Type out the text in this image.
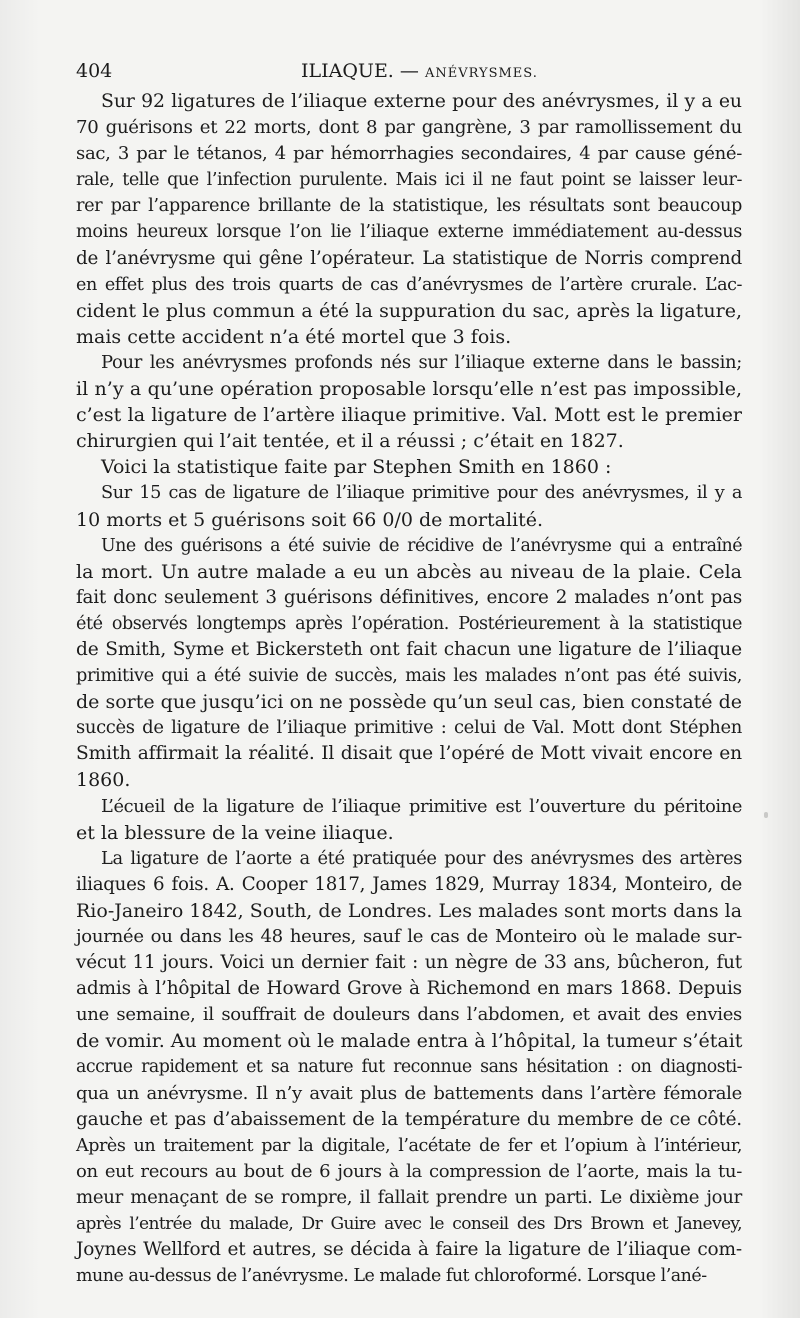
404	ILIAQUE. — ANÉVRYSMES.
Sur 92 ligatures de l’iliaque externe pour des anévrysmes, il y a eu
70 guérisons et 22 morts, dont 8 par gangrène, 3 par ramollissement du
sac, 3 par le tétanos, 4 par hémorrhagies secondaires, 4 par cause géné-
rale, telle que l’infection purulente. Mais ici il ne faut point se laisser leur-
rer par l’apparence brillante de la statistique, les résultats sont beaucoup
moins heureux lorsque l’on lie l’iliaque externe immédiatement au-dessus
de l’anévrysme qui gêne l’opérateur. La statistique de Norris comprend
en effet plus des trois quarts de cas d’anévrysmes de l’artère crurale. L’ac-
cident le plus commun a été la suppuration du sac, après la ligature,
mais cette accident n’a été mortel que 3 fois.
Pour les anévrysmes profonds nés sur l’iliaque externe dans le bassin;
il n’y a qu’une opération proposable lorsqu’elle n’est pas impossible,
c’est la ligature de l’artère iliaque primitive. Val. Mott est le premier
chirurgien qui l’ait tentée, et il a réussi ; c’était en 1827.
Voici la statistique faite par Stephen Smith en 1860 :
Sur 15 cas de ligature de l’iliaque primitive pour des anévrysmes, il y a
10 morts et 5 guérisons soit 66 0/0 de mortalité.
Une des guérisons a été suivie de récidive de l’anévrysme qui a entraîné
la mort. Un autre malade a eu un abcès au niveau de la plaie. Cela
fait donc seulement 3 guérisons définitives, encore 2 malades n’ont pas
été observés longtemps après l’opération. Postérieurement à la statistique
de Smith, Syme et Bickersteth ont fait chacun une ligature de l’iliaque
primitive qui a été suivie de succès, mais les malades n’ont pas été suivis,
de sorte que jusqu’ici on ne possède qu’un seul cas, bien constaté de
succès de ligature de l’iliaque primitive : celui de Val. Mott dont Stéphen
Smith affirmait la réalité. Il disait que l’opéré de Mott vivait encore en
1860.
L’écueil de la ligature de l’iliaque primitive est l’ouverture du péritoine
et la blessure de la veine iliaque.
La ligature de l’aorte a été pratiquée pour des anévrysmes des artères
iliaques 6 fois. A. Cooper 1817, James 1829, Murray 1834, Monteiro, de
Rio-Janeiro 1842, South, de Londres. Les malades sont morts dans la
journée ou dans les 48 heures, sauf le cas de Monteiro où le malade sur-
vécut 11 jours. Voici un dernier fait : un nègre de 33 ans, bûcheron, fut
admis à l’hôpital de Howard Grove à Richemond en mars 1868. Depuis
une semaine, il souffrait de douleurs dans l’abdomen, et avait des envies
de vomir. Au moment où le malade entra à l’hôpital, la tumeur s’était
accrue rapidement et sa nature fut reconnue sans hésitation : on diagnosti-
qua un anévrysme. Il n’y avait plus de battements dans l’artère fémorale
gauche et pas d’abaissement de la température du membre de ce côté.
Après un traitement par la digitale, l’acétate de fer et l’opium à l’intérieur,
on eut recours au bout de 6 jours à la compression de l’aorte, mais la tu-
meur menaçant de se rompre, il fallait prendre un parti. Le dixième jour
après l’entrée du malade, Dr Guire avec le conseil des Drs Brown et Janevey,
Joynes Wellford et autres, se décida à faire la ligature de l’iliaque com-
mune au-dessus de l’anévrysme. Le malade fut chloroformé. Lorsque l’ané-
